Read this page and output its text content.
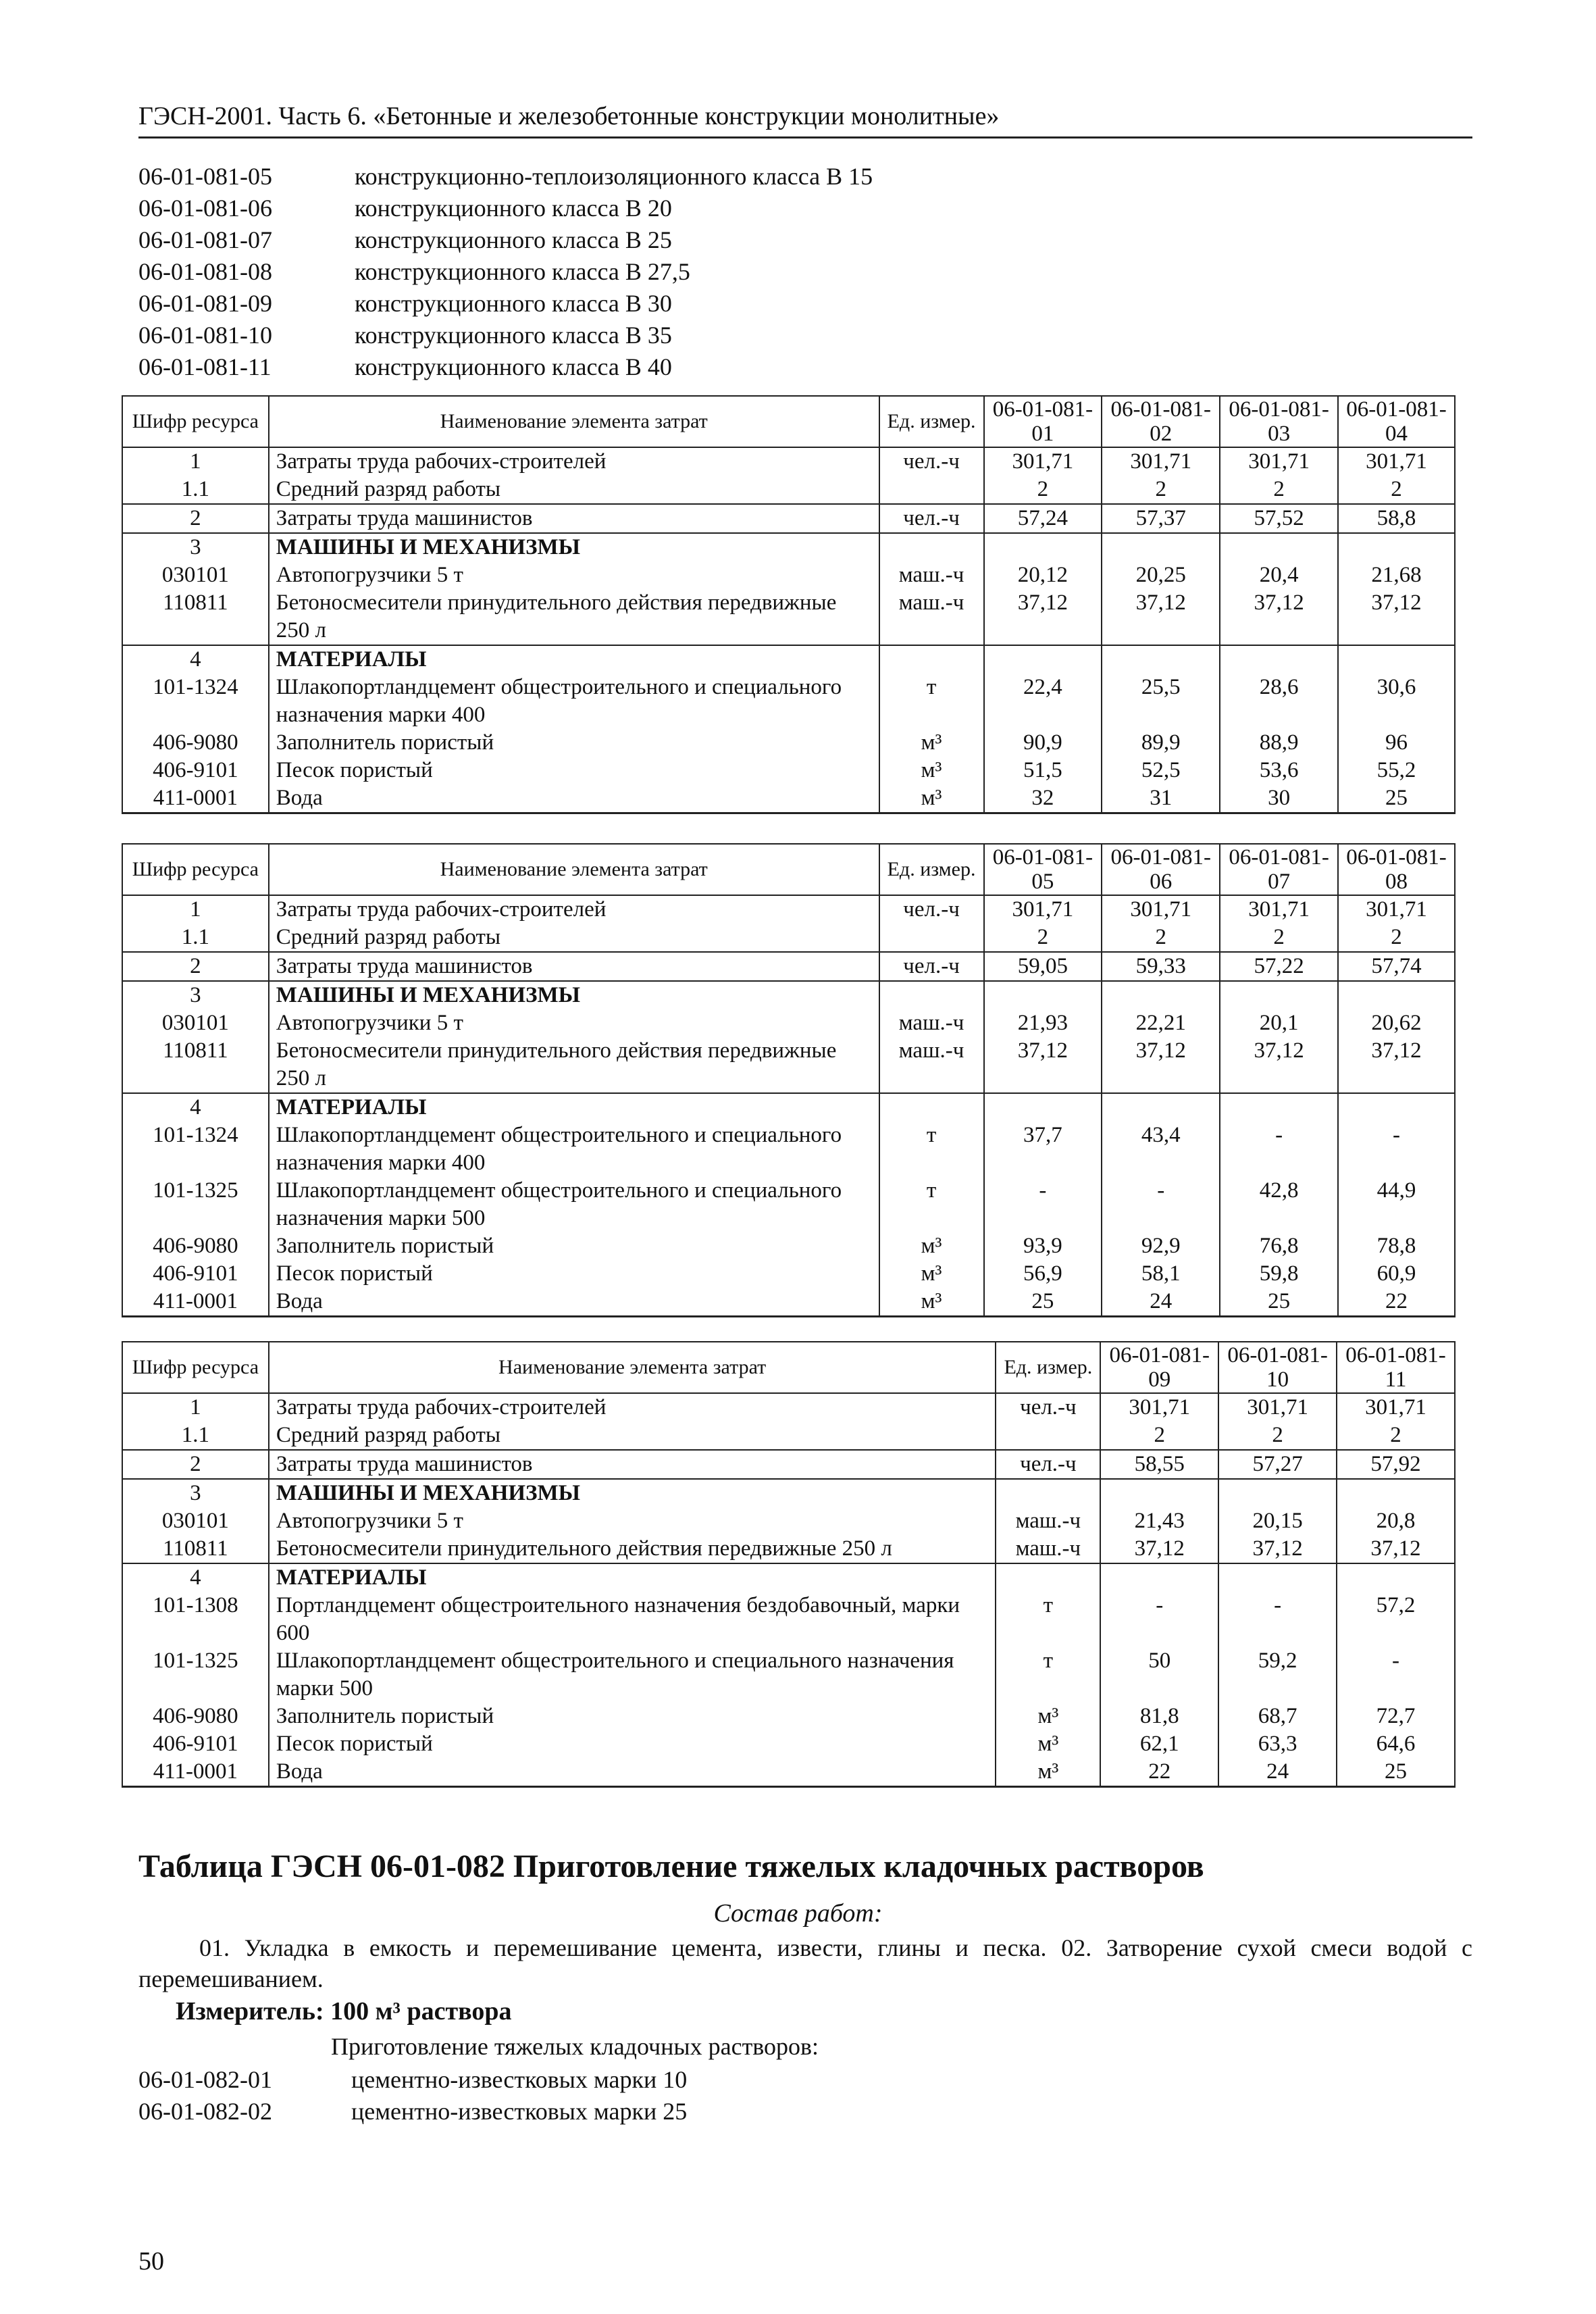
ГЭСН-2001. Часть 6. «Бетонные и железобетонные конструкции монолитные»
06-01-081-05	конструкционно-теплоизоляционного класса В 15
06-01-081-06	конструкционного класса В 20
06-01-081-07	конструкционного класса В 25
06-01-081-08	конструкционного класса В 27,5
06-01-081-09	конструкционного класса В 30
06-01-081-10	конструкционного класса В 35
06-01-081-11	конструкционного класса В 40
Шифр ресурса	Наименование элемента затрат	Ед. измер.	06-01-081-01	06-01-081-02	06-01-081-03	06-01-081-04
1	Затраты труда рабочих-строителей	чел.-ч	301,71	301,71	301,71	301,71
1.1	Средний разряд работы		2	2	2	2
2	Затраты труда машинистов	чел.-ч	57,24	57,37	57,52	58,8
3	МАШИНЫ И МЕХАНИЗМЫ					
030101	Автопогрузчики 5 т	маш.-ч	20,12	20,25	20,4	21,68
110811	Бетоносмесители принудительного действия передвижные 250 л	маш.-ч	37,12	37,12	37,12	37,12
4	МАТЕРИАЛЫ					
101-1324	Шлакопортландцемент общестроительного и специального назначения марки 400	т	22,4	25,5	28,6	30,6
406-9080	Заполнитель пористый	м³	90,9	89,9	88,9	96
406-9101	Песок пористый	м³	51,5	52,5	53,6	55,2
411-0001	Вода	м³	32	31	30	25
Шифр ресурса	Наименование элемента затрат	Ед. измер.	06-01-081-05	06-01-081-06	06-01-081-07	06-01-081-08
1	Затраты труда рабочих-строителей	чел.-ч	301,71	301,71	301,71	301,71
1.1	Средний разряд работы		2	2	2	2
2	Затраты труда машинистов	чел.-ч	59,05	59,33	57,22	57,74
3	МАШИНЫ И МЕХАНИЗМЫ					
030101	Автопогрузчики 5 т	маш.-ч	21,93	22,21	20,1	20,62
110811	Бетоносмесители принудительного действия передвижные 250 л	маш.-ч	37,12	37,12	37,12	37,12
4	МАТЕРИАЛЫ					
101-1324	Шлакопортландцемент общестроительного и специального назначения марки 400	т	37,7	43,4	-	-
101-1325	Шлакопортландцемент общестроительного и специального назначения марки 500	т	-	-	42,8	44,9
406-9080	Заполнитель пористый	м³	93,9	92,9	76,8	78,8
406-9101	Песок пористый	м³	56,9	58,1	59,8	60,9
411-0001	Вода	м³	25	24	25	22
Шифр ресурса	Наименование элемента затрат	Ед. измер.	06-01-081-09	06-01-081-10	06-01-081-11
1	Затраты труда рабочих-строителей	чел.-ч	301,71	301,71	301,71
1.1	Средний разряд работы		2	2	2
2	Затраты труда машинистов	чел.-ч	58,55	57,27	57,92
3	МАШИНЫ И МЕХАНИЗМЫ				
030101	Автопогрузчики 5 т	маш.-ч	21,43	20,15	20,8
110811	Бетоносмесители принудительного действия передвижные 250 л	маш.-ч	37,12	37,12	37,12
4	МАТЕРИАЛЫ				
101-1308	Портландцемент общестроительного назначения бездобавочный, марки 600	т	-	-	57,2
101-1325	Шлакопортландцемент общестроительного и специального назначения марки 500	т	50	59,2	-
406-9080	Заполнитель пористый	м³	81,8	68,7	72,7
406-9101	Песок пористый	м³	62,1	63,3	64,6
411-0001	Вода	м³	22	24	25
Таблица ГЭСН 06-01-082 Приготовление тяжелых кладочных растворов
Состав работ:
01. Укладка в емкость и перемешивание цемента, извести, глины и песка. 02. Затворение сухой смеси водой с перемешиванием.
Измеритель: 100 м³ раствора
Приготовление тяжелых кладочных растворов:
06-01-082-01	цементно-известковых марки 10
06-01-082-02	цементно-известковых марки 25
50
